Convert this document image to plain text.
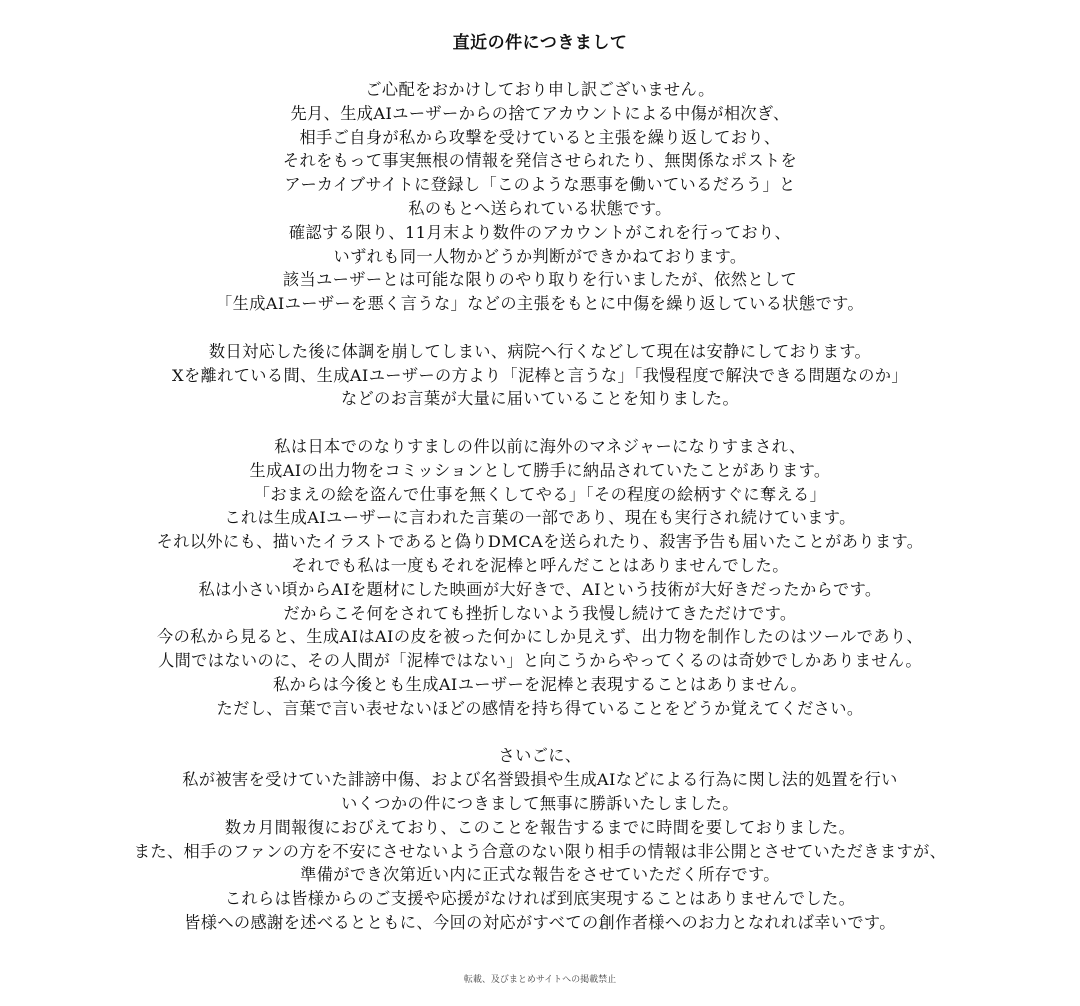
直近の件につきまして
ご心配をおかけしており申し訳ございません。
先月、生成AIユーザーからの捨てアカウントによる中傷が相次ぎ、
相手ご自身が私から攻撃を受けていると主張を繰り返しており、
それをもって事実無根の情報を発信させられたり、無関係なポストを
アーカイブサイトに登録し「このような悪事を働いているだろう」と
私のもとへ送られている状態です。
確認する限り、11月末より数件のアカウントがこれを行っており、
いずれも同一人物かどうか判断ができかねております。
該当ユーザーとは可能な限りのやり取りを行いましたが、依然として
「生成AIユーザーを悪く言うな」などの主張をもとに中傷を繰り返している状態です。
数日対応した後に体調を崩してしまい、病院へ行くなどして現在は安静にしております。
Xを離れている間、生成AIユーザーの方より「泥棒と言うな」「我慢程度で解決できる問題なのか」
などのお言葉が大量に届いていることを知りました。
私は日本でのなりすましの件以前に海外のマネジャーになりすまされ、
生成AIの出力物をコミッションとして勝手に納品されていたことがあります。
「おまえの絵を盗んで仕事を無くしてやる」「その程度の絵柄すぐに奪える」
これは生成AIユーザーに言われた言葉の一部であり、現在も実行され続けています。
それ以外にも、描いたイラストであると偽りDMCAを送られたり、殺害予告も届いたことがあります。
それでも私は一度もそれを泥棒と呼んだことはありませんでした。
私は小さい頃からAIを題材にした映画が大好きで、AIという技術が大好きだったからです。
だからこそ何をされても挫折しないよう我慢し続けてきただけです。
今の私から見ると、生成AIはAIの皮を被った何かにしか見えず、出力物を制作したのはツールであり、
人間ではないのに、その人間が「泥棒ではない」と向こうからやってくるのは奇妙でしかありません。
私からは今後とも生成AIユーザーを泥棒と表現することはありません。
ただし、言葉で言い表せないほどの感情を持ち得ていることをどうか覚えてください。
さいごに、
私が被害を受けていた誹謗中傷、および名誉毀損や生成AIなどによる行為に関し法的処置を行い
いくつかの件につきまして無事に勝訴いたしました。
数カ月間報復におびえており、このことを報告するまでに時間を要しておりました。
また、相手のファンの方を不安にさせないよう合意のない限り相手の情報は非公開とさせていただきますが、
準備ができ次第近い内に正式な報告をさせていただく所存です。
これらは皆様からのご支援や応援がなければ到底実現することはありませんでした。
皆様への感謝を述べるとともに、今回の対応がすべての創作者様へのお力となれれば幸いです。
転載、及びまとめサイトへの掲載禁止
